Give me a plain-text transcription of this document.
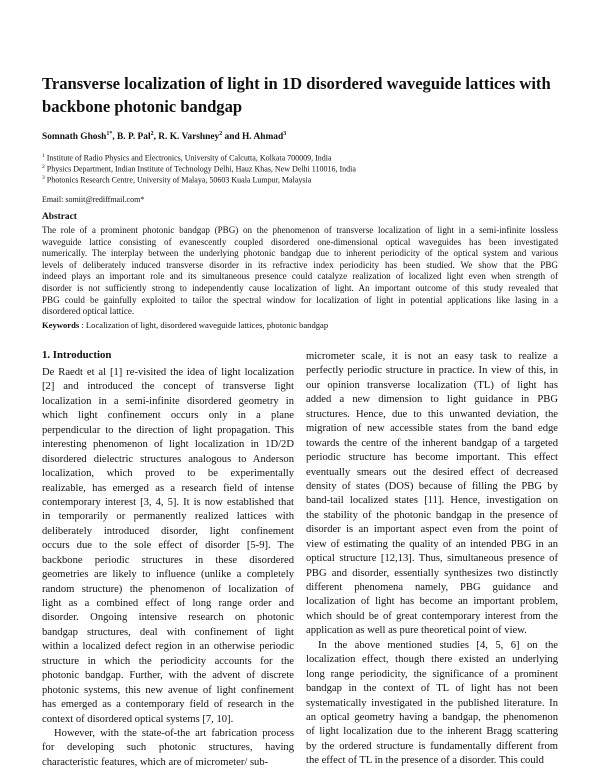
Transverse localization of light in 1D disordered waveguide lattices with backbone photonic bandgap
Somnath Ghosh$^{1*}$, B. P. Pal$^2$, R. K. Varshney$^2$ and H. Ahmad$^3$
$^1$ Institute of Radio Physics and Electronics, University of Calcutta, Kolkata 700009, India
$^2$ Physics Department, Indian Institute of Technology Delhi, Hauz Khas, New Delhi 110016, India
$^3$ Photonics Research Centre, University of Malaya, 50603 Kuala Lumpur, Malaysia
Email: somiit@rediffmail.com*
Abstract
The role of a prominent photonic bandgap (PBG) on the phenomenon of transverse localization of light in a semi-infinite lossless
waveguide lattice consisting of evanescently coupled disordered one-dimensional optical waveguides has been investigated
numerically. The interplay between the underlying photonic bandgap due to inherent periodicity of the optical system and various
levels of deliberately induced transverse disorder in its refractive index periodicity has been studied. We show that the PBG
indeed plays an important role and its simultaneous presence could catalyze realization of localized light even when strength of
disorder is not sufficiently strong to independently cause localization of light. An important outcome of this study revealed that
PBG could be gainfully exploited to tailor the spectral window for localization of light in potential applications like lasing in a
disordered optical lattice.
Keywords : Localization of light, disordered waveguide lattices, photonic bandgap
1. Introduction
De Raedt et al [1] re-visited the idea of light localization
[2] and introduced the concept of transverse light
localization in a semi-infinite disordered geometry in
which light confinement occurs only in a plane
perpendicular to the direction of light propagation. This
interesting phenomenon of light localization in 1D/2D
disordered dielectric structures analogous to Anderson
localization, which proved to be experimentally
realizable, has emerged as a research field of intense
contemporary interest [3, 4, 5]. It is now established that
in temporarily or permanently realized lattices with
deliberately introduced disorder, light confinement
occurs due to the sole effect of disorder [5-9]. The
backbone periodic structures in these disordered
geometries are likely to influence (unlike a completely
random structure) the phenomenon of localization of
light as a combined effect of long range order and
disorder. Ongoing intensive research on photonic
bandgap structures, deal with confinement of light
within a localized defect region in an otherwise periodic
structure in which the periodicity accounts for the
photonic bandgap. Further, with the advent of discrete
photonic systems, this new avenue of light confinement
has emerged as a contemporary field of research in the
context of disordered optical systems [7, 10].
However, with the state-of-the art fabrication process
for developing such photonic structures, having
characteristic features, which are of micrometer/ sub-
micrometer scale, it is not an easy task to realize a
perfectly periodic structure in practice. In view of this, in
our opinion transverse localization (TL) of light has
added a new dimension to light guidance in PBG
structures. Hence, due to this unwanted deviation, the
migration of new accessible states from the band edge
towards the centre of the inherent bandgap of a targeted
periodic structure has become important. This effect
eventually smears out the desired effect of decreased
density of states (DOS) because of filling the PBG by
band-tail localized states [11]. Hence, investigation on
the stability of the photonic bandgap in the presence of
disorder is an important aspect even from the point of
view of estimating the quality of an intended PBG in an
optical structure [12,13]. Thus, simultaneous presence of
PBG and disorder, essentially synthesizes two distinctly
different phenomena namely, PBG guidance and
localization of light has become an important problem,
which should be of great contemporary interest from the
application as well as pure theoretical point of view.
In the above mentioned studies [4, 5, 6] on the
localization effect, though there existed an underlying
long range periodicity, the significance of a prominent
bandgap in the context of TL of light has not been
systematically investigated in the published literature. In
an optical geometry having a bandgap, the phenomenon
of light localization due to the inherent Bragg scattering
by the ordered structure is fundamentally different from
the effect of TL in the presence of a disorder. This could
